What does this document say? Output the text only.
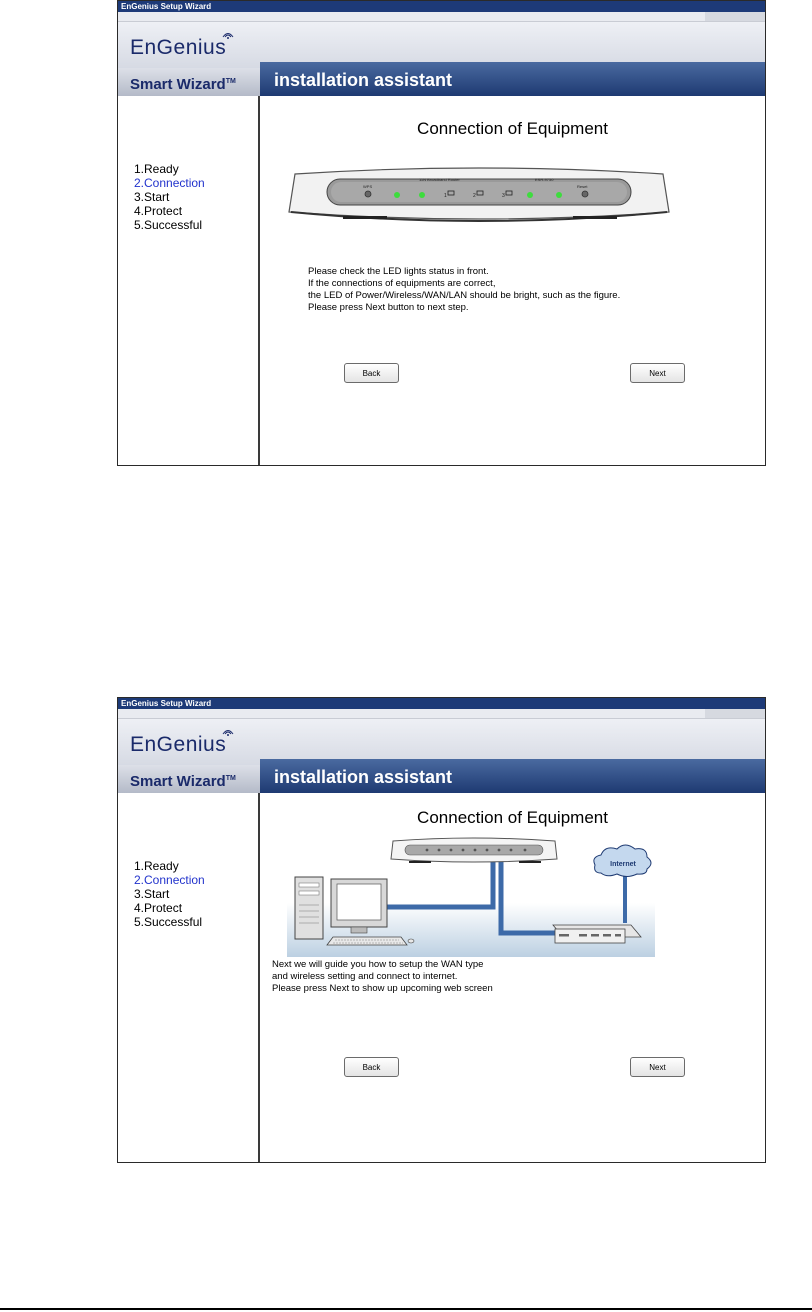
EnGenius Setup Wizard
EnGenius
Smart Wizard™	installation assistant
1.Ready
2.Connection
3.Start
4.Protect
5.Successful
Connection of Equipment
11N Broadband Router	ESR-9750
WPS	Reset
1	2	3

Please check the LED lights status in front.

If the connections of equipments are correct,

the LED of Power/Wireless/WAN/LAN should be bright, such as the figure.

Please press Next button to next step.

Back	Next
EnGenius Setup Wizard
EnGenius
Smart Wizard™	installation assistant
1.Ready
2.Connection
3.Start
4.Protect
5.Successful
Connection of Equipment
Internet

Next we will guide you how to setup the WAN type

and wireless setting and connect to internet.

Please press Next to show up upcoming web screen

Back	Next
